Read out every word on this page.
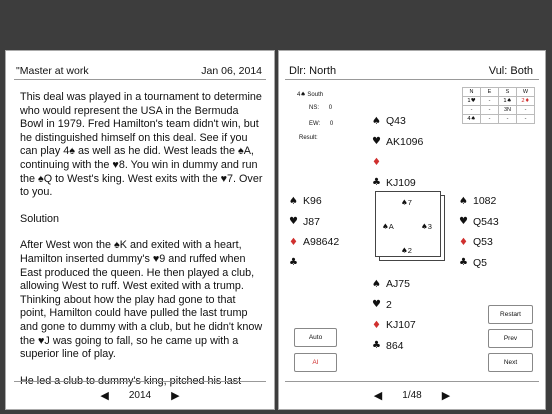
"Master at work	Jan 06, 2014

This deal was played in a tournament to determine who would represent the USA in the Bermuda Bowl in 1979. Fred Hamilton's team didn't win, but he distinguished himself on this deal. See if you can play 4♠ as well as he did. West leads the ♠A, continuing with the ♥8. You win in dummy and run the ♠Q to West's king. West exits with the ♥7. Over to you.

Solution

After West won the ♠K and exited with a heart, Hamilton inserted dummy's ♥9 and ruffed when East produced the queen. He then played a club, allowing West to ruff. West exited with a trump. Thinking about how the play had gone to that point, Hamilton could have pulled the last trump and gone to dummy with a club, but he didn't know the ♥J was going to fall, so he came up with a superior line of play.

He led a club to dummy's king, pitched his last

◀ 2014 ▶
Dlr: North	Vul: Both
4♠ South
NS: 0
EW: 0
Result:
N	E	S	W
1♥	-	1♠	2♦
-	-	3N	-
4♠	-	-	-
♠ Q43
♥ AK1096
♦
♣ KJ109
♠ K96
♥ J87
♦ A98642
♣
♠ 1082
♥ Q543
♦ Q53
♣ Q5
♠ AJ75
♥ 2
♦ KJ107
♣ 864
♠7
♠A	♠3
♠2
Auto
AI
Restart
Prev
Next
◀ 1/48 ▶
